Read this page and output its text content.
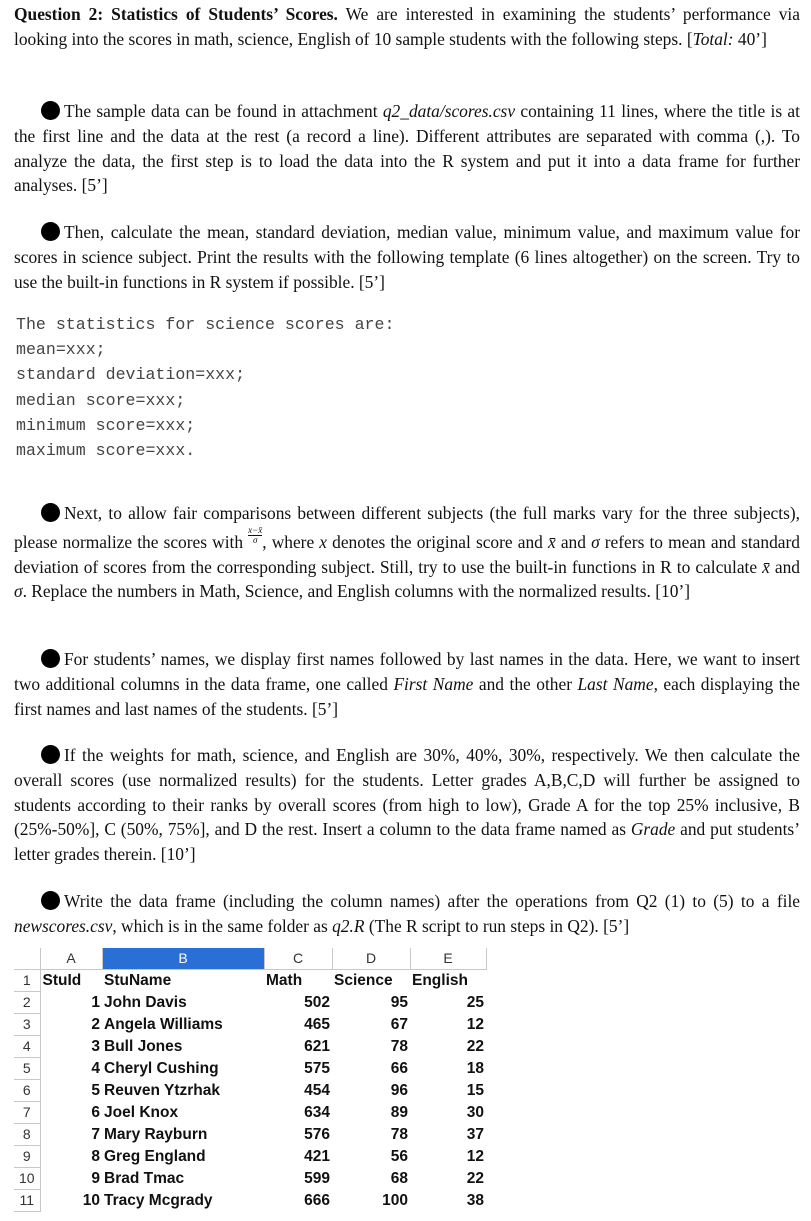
Question 2: Statistics of Students’ Scores. We are interested in examining the students’ performance via looking into the scores in math, science, English of 10 sample students with the following steps. [Total: 40’]

The sample data can be found in attachment q2_data/scores.csv containing 11 lines, where the title is at the first line and the data at the rest (a record a line). Different attributes are separated with comma (,). To analyze the data, the first step is to load the data into the R system and put it into a data frame for further analyses. [5’]

Then, calculate the mean, standard deviation, median value, minimum value, and maximum value for scores in science subject. Print the results with the following template (6 lines altogether) on the screen. Try to use the built-in functions in R system if possible. [5’]

The statistics for science scores are:
mean=xxx;
standard deviation=xxx;
median score=xxx;
minimum score=xxx;
maximum score=xxx.

Next, to allow fair comparisons between different subjects (the full marks vary for the three subjects), please normalize the scores with $\frac{x-x̄}{\sigma}$ , where x denotes the original score and x̄ and σ refers to mean and standard deviation of scores from the corresponding subject. Still, try to use the built-in functions in R to calculate x̄ and σ. Replace the numbers in Math, Science, and English columns with the normalized results. [10’]

For students’ names, we display first names followed by last names in the data. Here, we want to insert two additional columns in the data frame, one called First Name and the other Last Name, each displaying the first names and last names of the students. [5’]

If the weights for math, science, and English are 30%, 40%, 30%, respectively. We then calculate the overall scores (use normalized results) for the students. Letter grades A,B,C,D will further be assigned to students according to their ranks by overall scores (from high to low), Grade A for the top 25% inclusive, B (25%-50%], C (50%, 75%], and D the rest. Insert a column to the data frame named as Grade and put students’ letter grades therein. [10’]

Write the data frame (including the column names) after the operations from Q2 (1) to (5) to a file newscores.csv, which is in the same folder as q2.R (The R script to run steps in Q2). [5’]

	A	B	C	D	E
1	StuId	StuName	Math	Science	English
2	1	John Davis	502	95	25
3	2	Angela Williams	465	67	12
4	3	Bull Jones	621	78	22
5	4	Cheryl Cushing	575	66	18
6	5	Reuven Ytzrhak	454	96	15
7	6	Joel Knox	634	89	30
8	7	Mary Rayburn	576	78	37
9	8	Greg England	421	56	12
10	9	Brad Tmac	599	68	22
11	10	Tracy Mcgrady	666	100	38
